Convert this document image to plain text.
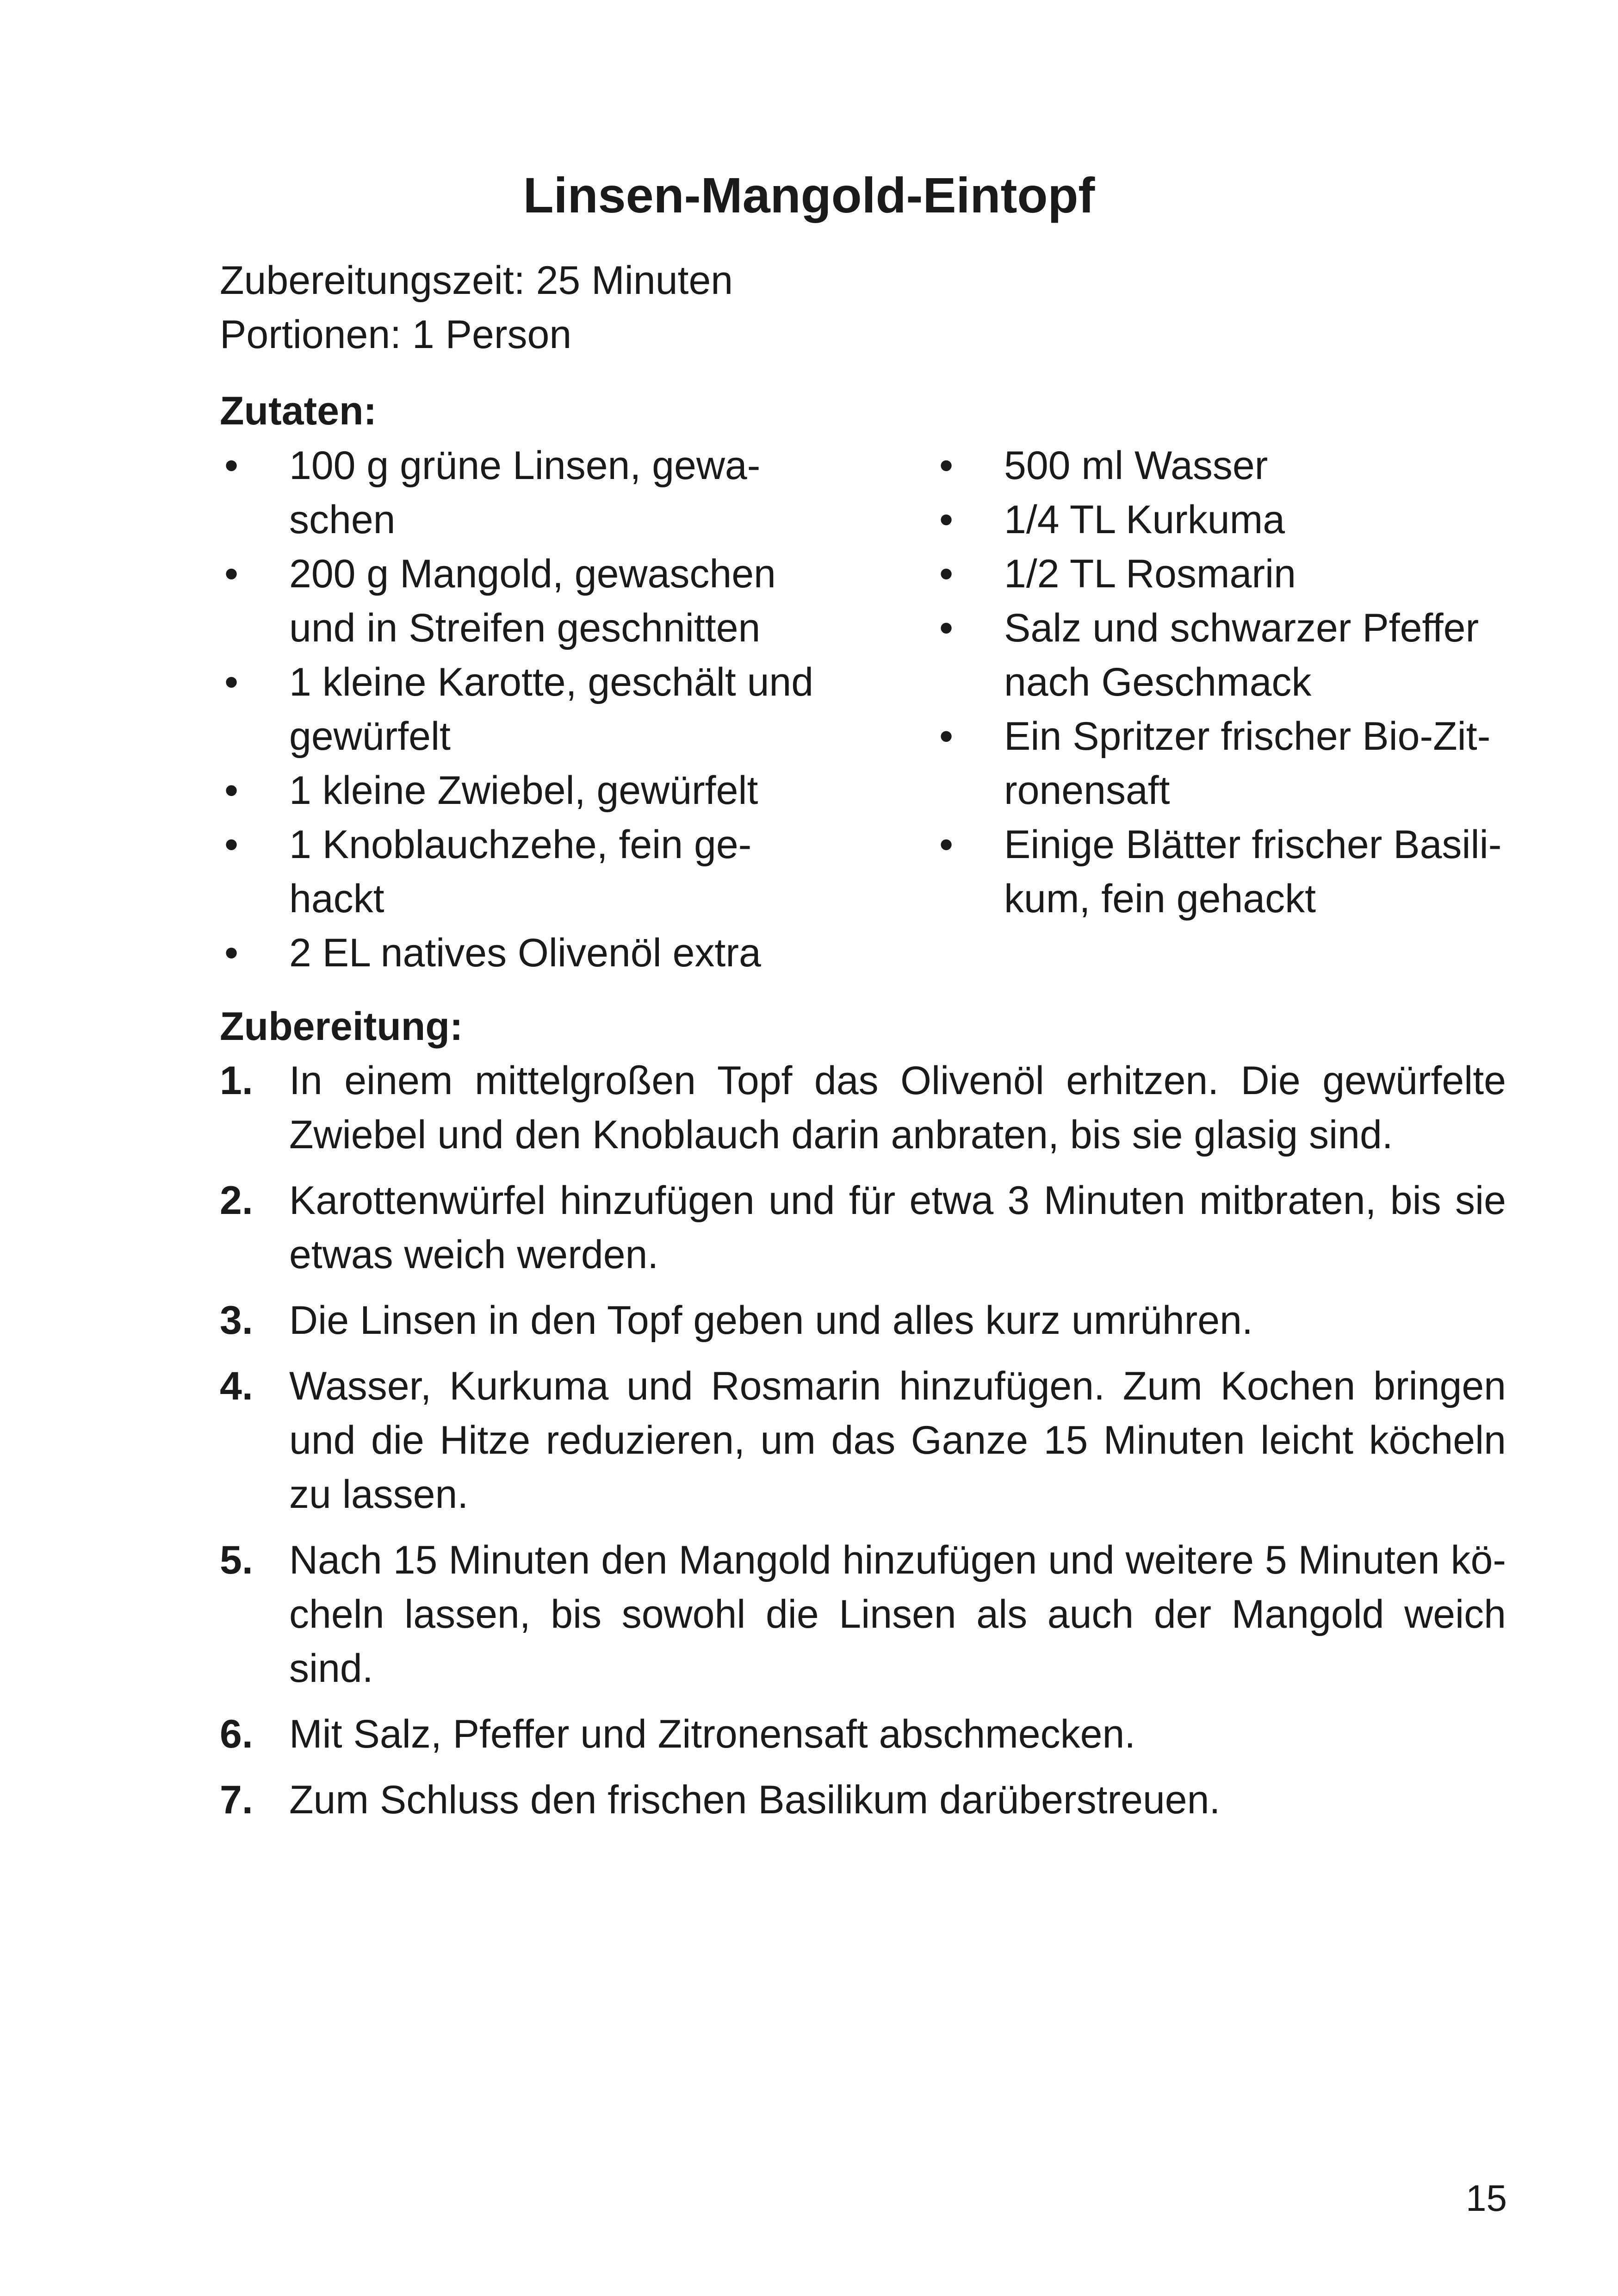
Linsen-Mangold-Eintopf
Zubereitungszeit: 25 Minuten
Portionen: 1 Person
Zutaten:
• 100 g grüne Linsen, gewaschen
• 200 g Mangold, gewaschen und in Streifen geschnitten
• 1 kleine Karotte, geschält und gewürfelt
• 1 kleine Zwiebel, gewürfelt
• 1 Knoblauchzehe, fein gehackt
• 2 EL natives Olivenöl extra
• 500 ml Wasser
• 1/4 TL Kurkuma
• 1/2 TL Rosmarin
• Salz und schwarzer Pfeffer nach Geschmack
• Ein Spritzer frischer Bio-Zitronensaft
• Einige Blätter frischer Basilikum, fein gehackt
Zubereitung:
1. In einem mittelgroßen Topf das Olivenöl erhitzen. Die gewürfelte Zwiebel und den Knoblauch darin anbraten, bis sie glasig sind.
2. Karottenwürfel hinzufügen und für etwa 3 Minuten mitbraten, bis sie etwas weich werden.
3. Die Linsen in den Topf geben und alles kurz umrühren.
4. Wasser, Kurkuma und Rosmarin hinzufügen. Zum Kochen bringen und die Hitze reduzieren, um das Ganze 15 Minuten leicht köcheln zu lassen.
5. Nach 15 Minuten den Mangold hinzufügen und weitere 5 Minuten köcheln lassen, bis sowohl die Linsen als auch der Mangold weich sind.
6. Mit Salz, Pfeffer und Zitronensaft abschmecken.
7. Zum Schluss den frischen Basilikum darüberstreuen.
15
